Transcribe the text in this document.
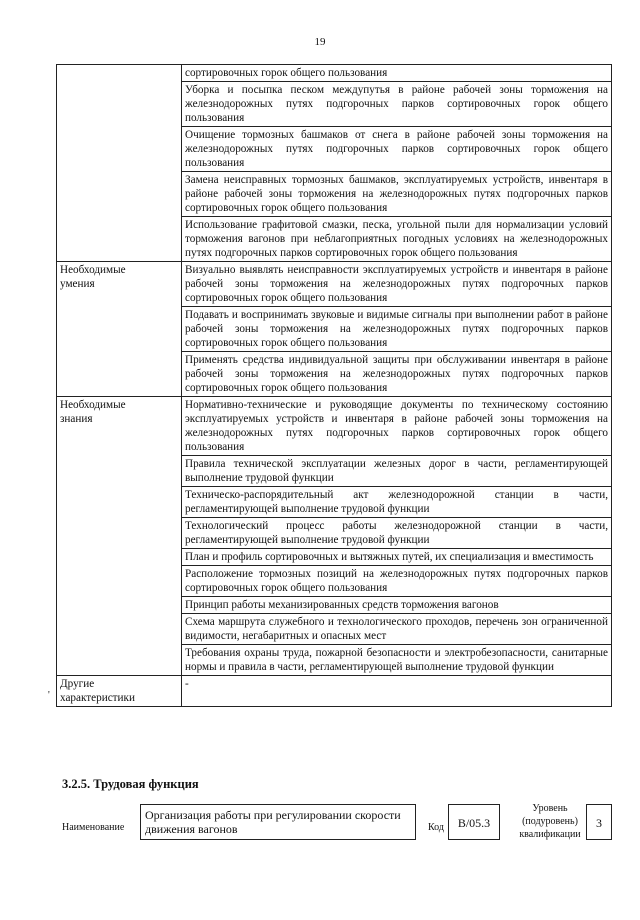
19
	сортировочных горок общего пользования
	Уборка и посыпка песком междупутья в районе рабочей зоны торможения на железнодорожных путях подгорочных парков сортировочных горок общего пользования
	Очищение тормозных башмаков от снега в районе рабочей зоны торможения на железнодорожных путях подгорочных парков сортировочных горок общего пользования
	Замена неисправных тормозных башмаков, эксплуатируемых устройств, инвентаря в районе рабочей зоны торможения на железнодорожных путях подгорочных парков сортировочных горок общего пользования
	Использование графитовой смазки, песка, угольной пыли для нормализации условий торможения вагонов при неблагоприятных погодных условиях на железнодорожных путях подгорочных парков сортировочных горок общего пользования

Необходимые
умения	Визуально выявлять неисправности эксплуатируемых устройств и инвентаря в районе рабочей зоны торможения на железнодорожных путях подгорочных парков сортировочных горок общего пользования
	Подавать и воспринимать звуковые и видимые сигналы при выполнении работ в районе рабочей зоны торможения на железнодорожных путях подгорочных парков сортировочных горок общего пользования
	Применять средства индивидуальной защиты при обслуживании инвентаря в районе рабочей зоны торможения на железнодорожных путях подгорочных парков сортировочных горок общего пользования

Необходимые
знания	Нормативно-технические и руководящие документы по техническому состоянию эксплуатируемых устройств и инвентаря в районе рабочей зоны торможения на железнодорожных путях подгорочных парков сортировочных горок общего пользования
	Правила технической эксплуатации железных дорог в части, регламентирующей выполнение трудовой функции
	Техническо-распорядительный акт железнодорожной станции в части, регламентирующей выполнение трудовой функции
	Технологический процесс работы железнодорожной станции в части, регламентирующей выполнение трудовой функции
	План и профиль сортировочных и вытяжных путей, их специализация и вместимость
	Расположение тормозных позиций на железнодорожных путях подгорочных парков сортировочных горок общего пользования
	Принцип работы механизированных средств торможения вагонов
	Схема маршрута служебного и технологического проходов, перечень зон ограниченной видимости, негабаритных и опасных мест
	Требования охраны труда, пожарной безопасности и электробезопасности, санитарные нормы и правила в части, регламентирующей выполнение трудовой функции

Другие
характеристики	-
'
3.2.5. Трудовая функция
Наименование
Организация работы при регулировании скорости движения вагонов	Код	В/05.3
Уровень
(подуровень)
квалификации
3
